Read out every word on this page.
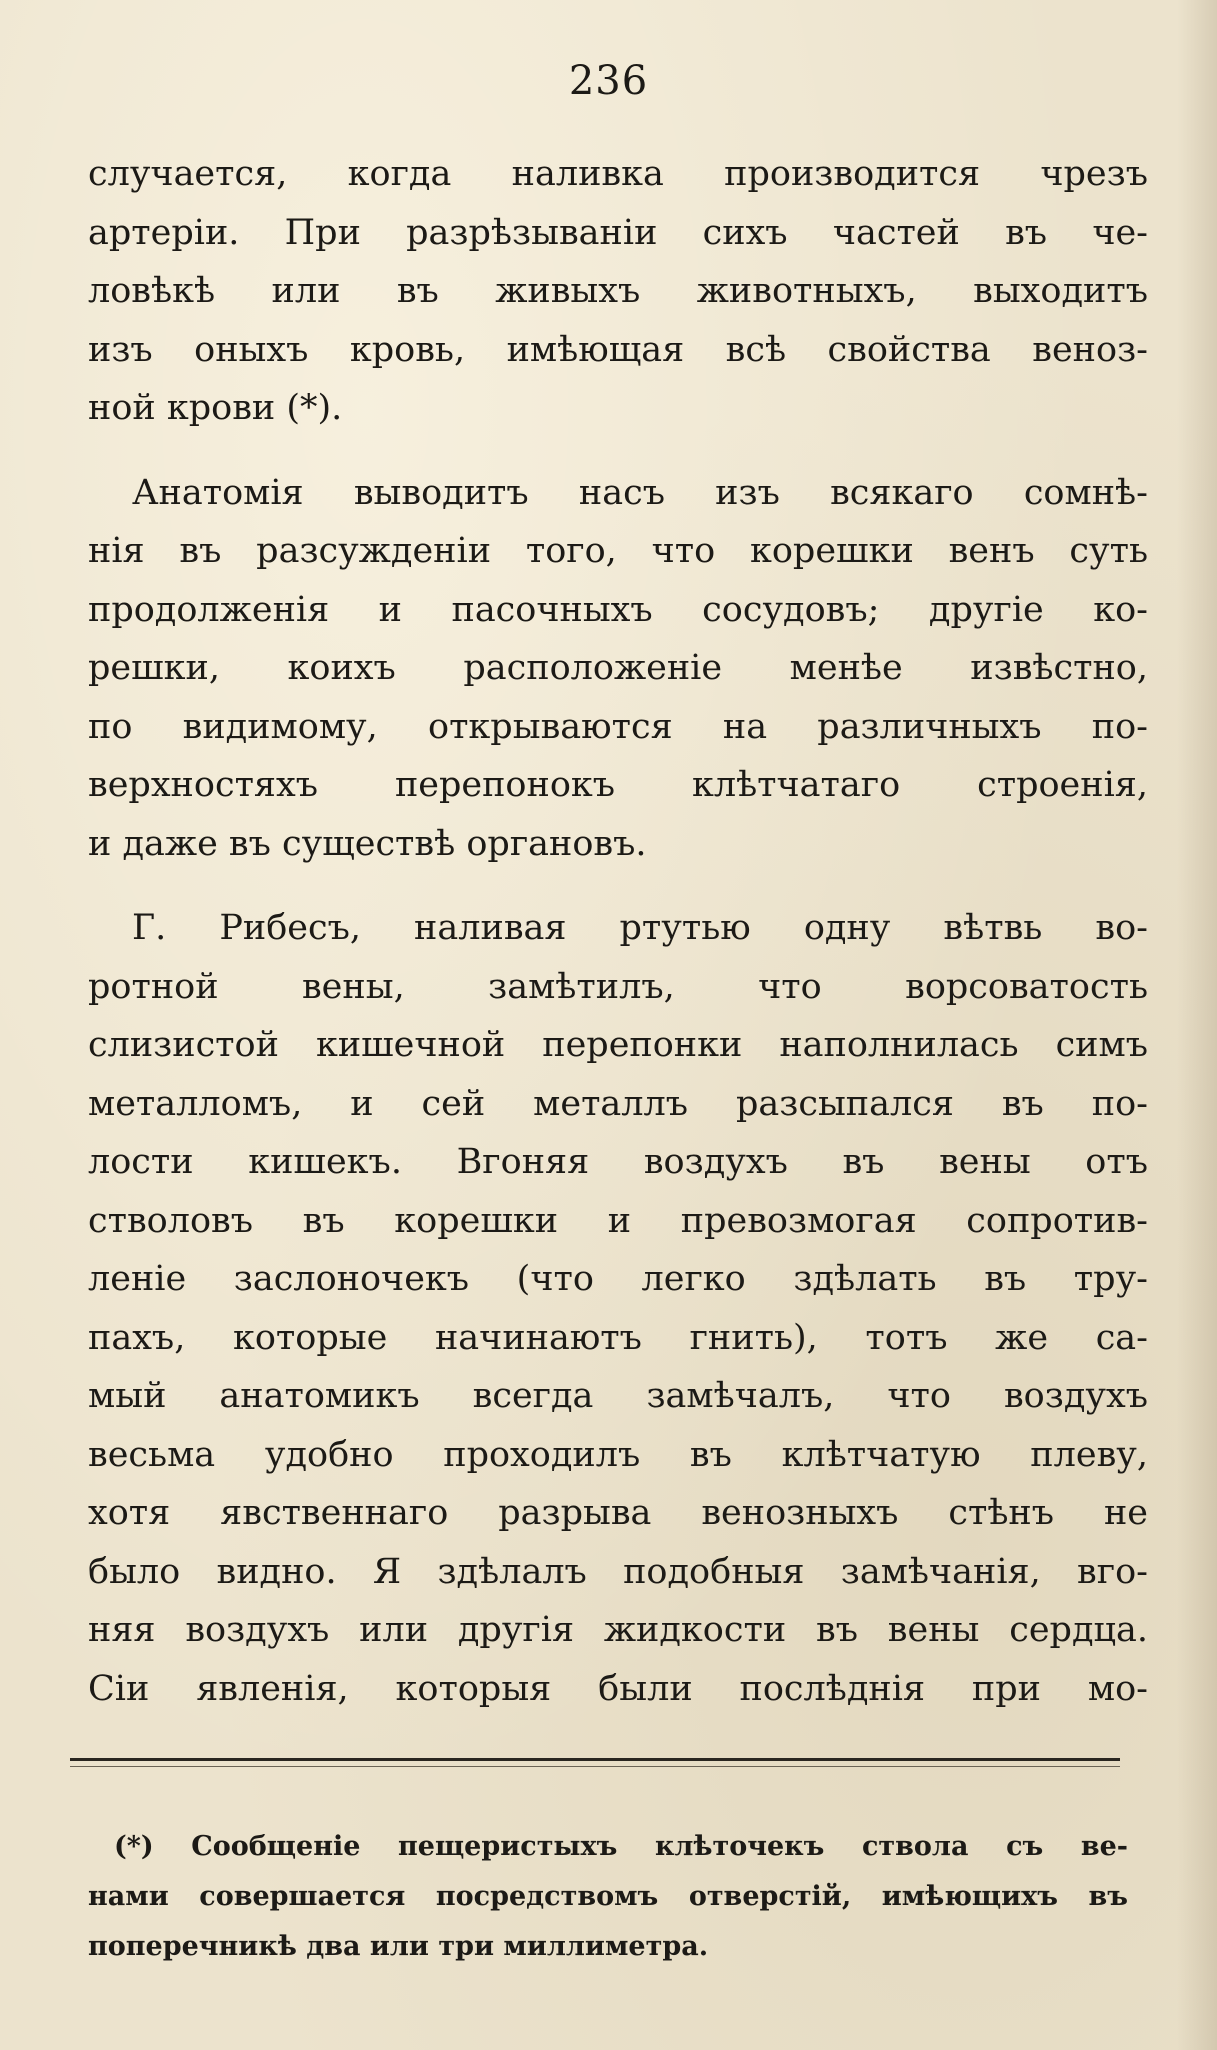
236
случается, когда наливка производится чрезъ
артеріи. При разрѣзываніи сихъ частей въ че-
ловѣкѣ или въ живыхъ животныхъ, выходитъ
изъ оныхъ кровь, имѣющая всѣ свойства веноз-
ной крови (*).
Анатомія выводитъ насъ изъ всякаго сомнѣ-
нія въ разсужденіи того, что корешки венъ суть
продолженія и пасочныхъ сосудовъ; другіе ко-
решки, коихъ расположеніе менѣе извѣстно,
по видимому, открываются на различныхъ по-
верхностяхъ перепонокъ клѣтчатаго строенія,
и даже въ существѣ органовъ.
Г. Рибесъ, наливая ртутью одну вѣтвь во-
ротной вены, замѣтилъ, что ворсоватость
слизистой кишечной перепонки наполнилась симъ
металломъ, и сей металлъ разсыпался въ по-
лости кишекъ. Вгоняя воздухъ въ вены отъ
стволовъ въ корешки и превозмогая сопротив-
леніе заслоночекъ (что легко здѣлать въ тру-
пахъ, которые начинаютъ гнить), тотъ же са-
мый анатомикъ всегда замѣчалъ, что воздухъ
весьма удобно проходилъ въ клѣтчатую плеву,
хотя явственнаго разрыва венозныхъ стѣнъ не
было видно. Я здѣлалъ подобныя замѣчанія, вго-
няя воздухъ или другія жидкости въ вены сердца.
Сіи явленія, которыя были послѣднія при мо-
(*) Сообщеніе пещеристыхъ клѣточекъ ствола съ ве-
нами совершается посредствомъ отверстій, имѣющихъ въ
поперечникѣ два или три миллиметра.
